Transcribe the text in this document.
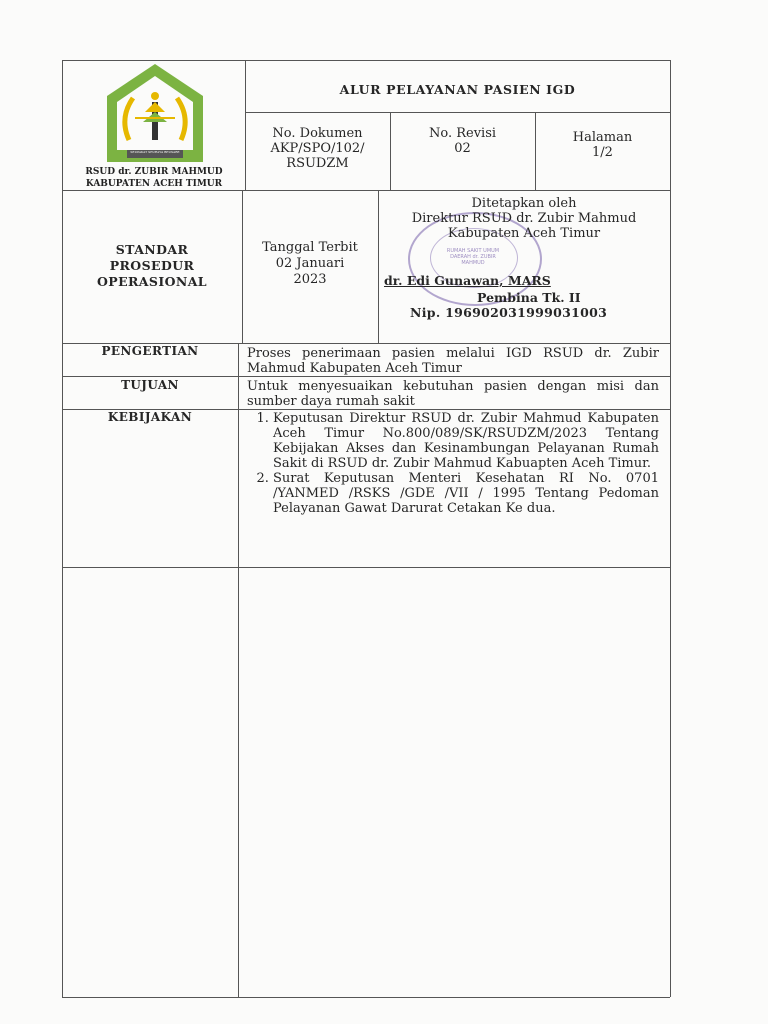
SEUPAKAT SEURAYA BEUSABE
RSUD dr. ZUBIR MAHMUD
KABUPATEN ACEH TIMUR
ALUR PELAYANAN PASIEN IGD
No. Dokumen
AKP/SPO/102/
RSUDZM
No. Revisi
02
Halaman
1/2
STANDAR
PROSEDUR
OPERASIONAL
Tanggal Terbit
02 Januari
2023
RUMAH SAKIT UMUM DAERAH dr. ZUBIR MAHMUD
Ditetapkan oleh
Direktur RSUD dr. Zubir Mahmud
Kabupaten Aceh Timur
dr. Edi Gunawan, MARS
Pembina Tk. II
Nip. 196902031999031003
PENGERTIAN	Proses penerimaan pasien melalui IGD RSUD dr. Zubir Mahmud Kabupaten Aceh Timur
TUJUAN	Untuk menyesuaikan kebutuhan pasien dengan misi dan sumber daya rumah sakit
KEBIJAKAN
1.	Keputusan Direktur RSUD dr. Zubir Mahmud Kabupaten Aceh Timur No.800/089/SK/RSUDZM/2023 Tentang Kebijakan Akses dan Kesinambungan Pelayanan Rumah Sakit di RSUD dr. Zubir Mahmud Kabuapten Aceh Timur.
2. Surat Keputusan Menteri Kesehatan RI No. 0701 /YANMED /RSKS /GDE /VII / 1995 Tentang Pedoman Pelayanan Gawat Darurat Cetakan Ke dua.
